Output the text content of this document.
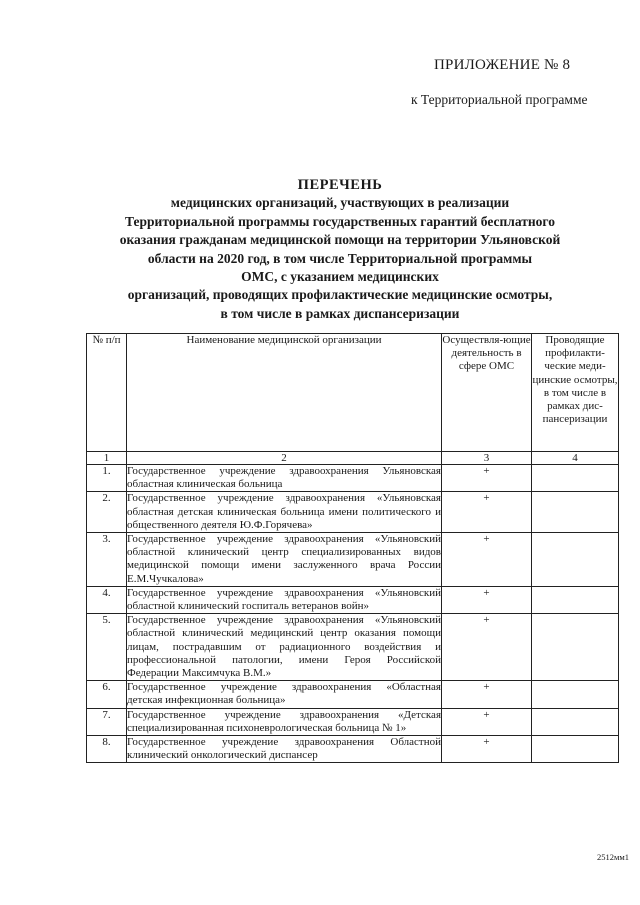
ПРИЛОЖЕНИЕ № 8
к Территориальной программе
ПЕРЕЧЕНЬ
медицинских организаций, участвующих в реализации
Территориальной программы государственных гарантий бесплатного
оказания гражданам медицинской помощи на территории Ульяновской
области на 2020 год, в том числе Территориальной программы
ОМС, с указанием медицинских
организаций, проводящих профилактические медицинские осмотры,
в том числе в рамках диспансеризации
№ п/п	Наименование медицинской организации	Осуществля-ющие деятельность в сфере ОМС	Проводящие профилакти-ческие меди-цинские осмотры, в том числе в рамках дис-пансеризации
1	2	3	4
1.	Государственное учреждение здравоохранения Ульяновская областная клиническая больница	+	
2.	Государственное учреждение здравоохранения «Ульяновская областная детская клиническая больница имени политического и общественного деятеля Ю.Ф.Горячева»	+	
3.	Государственное учреждение здравоохранения «Ульяновский областной клинический центр специализированных видов медицинской помощи имени заслуженного врача России Е.М.Чучкалова»	+	
4.	Государственное учреждение здравоохранения «Ульяновский областной клинический госпиталь ветеранов войн»	+	
5.	Государственное учреждение здравоохранения «Ульяновский областной клинический медицинский центр оказания помощи лицам, пострадавшим от радиационного воздействия и профессиональной патологии, имени Героя Российской Федерации Максимчука В.М.»	+	
6.	Государственное учреждение здравоохранения «Областная детская инфекционная больница»	+	
7.	Государственное учреждение здравоохранения «Детская специализированная психоневрологическая больница № 1»	+	
8.	Государственное учреждение здравоохранения Областной клинический онкологический диспансер	+	
2512мм1
